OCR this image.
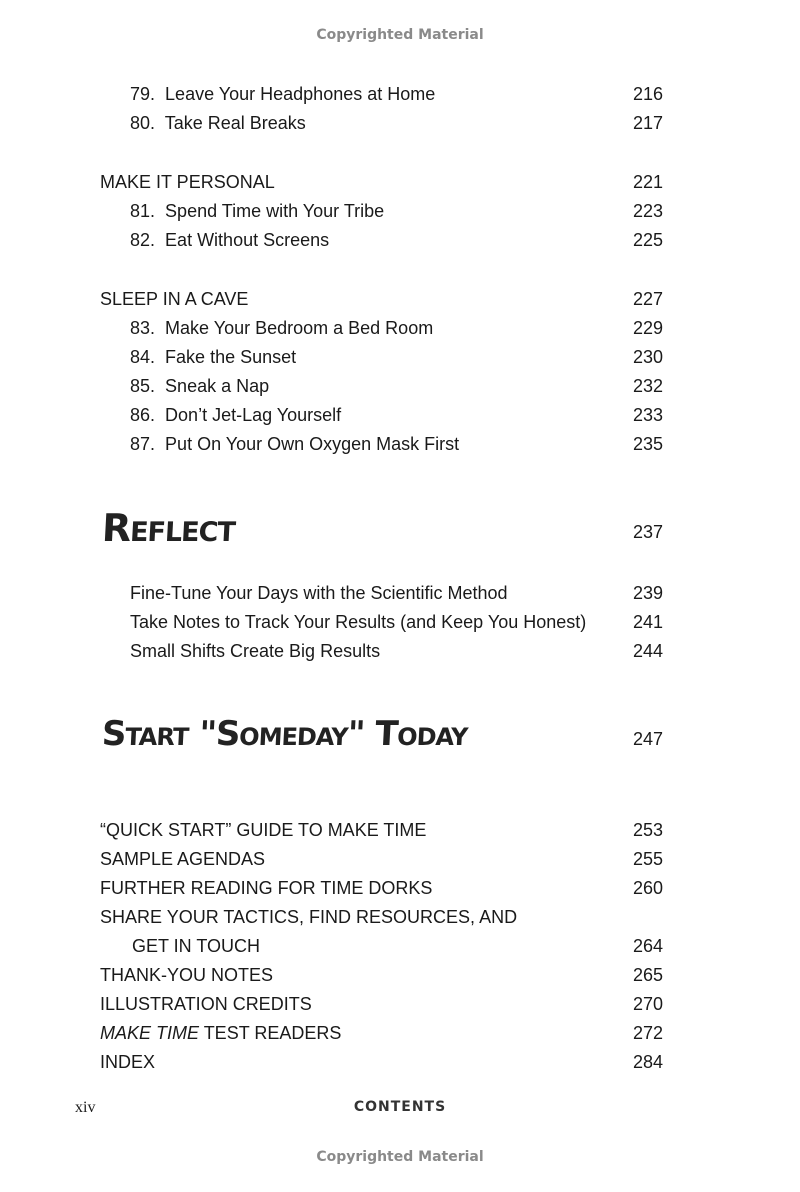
Copyrighted Material
79. Leave Your Headphones at Home	216
80. Take Real Breaks	217
MAKE IT PERSONAL	221
81. Spend Time with Your Tribe	223
82. Eat Without Screens	225
SLEEP IN A CAVE	227
83. Make Your Bedroom a Bed Room	229
84. Fake the Sunset	230
85. Sneak a Nap	232
86. Don’t Jet-Lag Yourself	233
87. Put On Your Own Oxygen Mask First	235
Reflect	237
Fine-Tune Your Days with the Scientific Method	239
Take Notes to Track Your Results (and Keep You Honest)	241
Small Shifts Create Big Results	244
Start "Someday" Today	247
“QUICK START” GUIDE TO MAKE TIME	253
SAMPLE AGENDAS	255
FURTHER READING FOR TIME DORKS	260
SHARE YOUR TACTICS, FIND RESOURCES, AND
GET IN TOUCH	264
THANK-YOU NOTES	265
ILLUSTRATION CREDITS	270
MAKE TIME TEST READERS	272
INDEX	284
xiv	CONTENTS
Copyrighted Material
